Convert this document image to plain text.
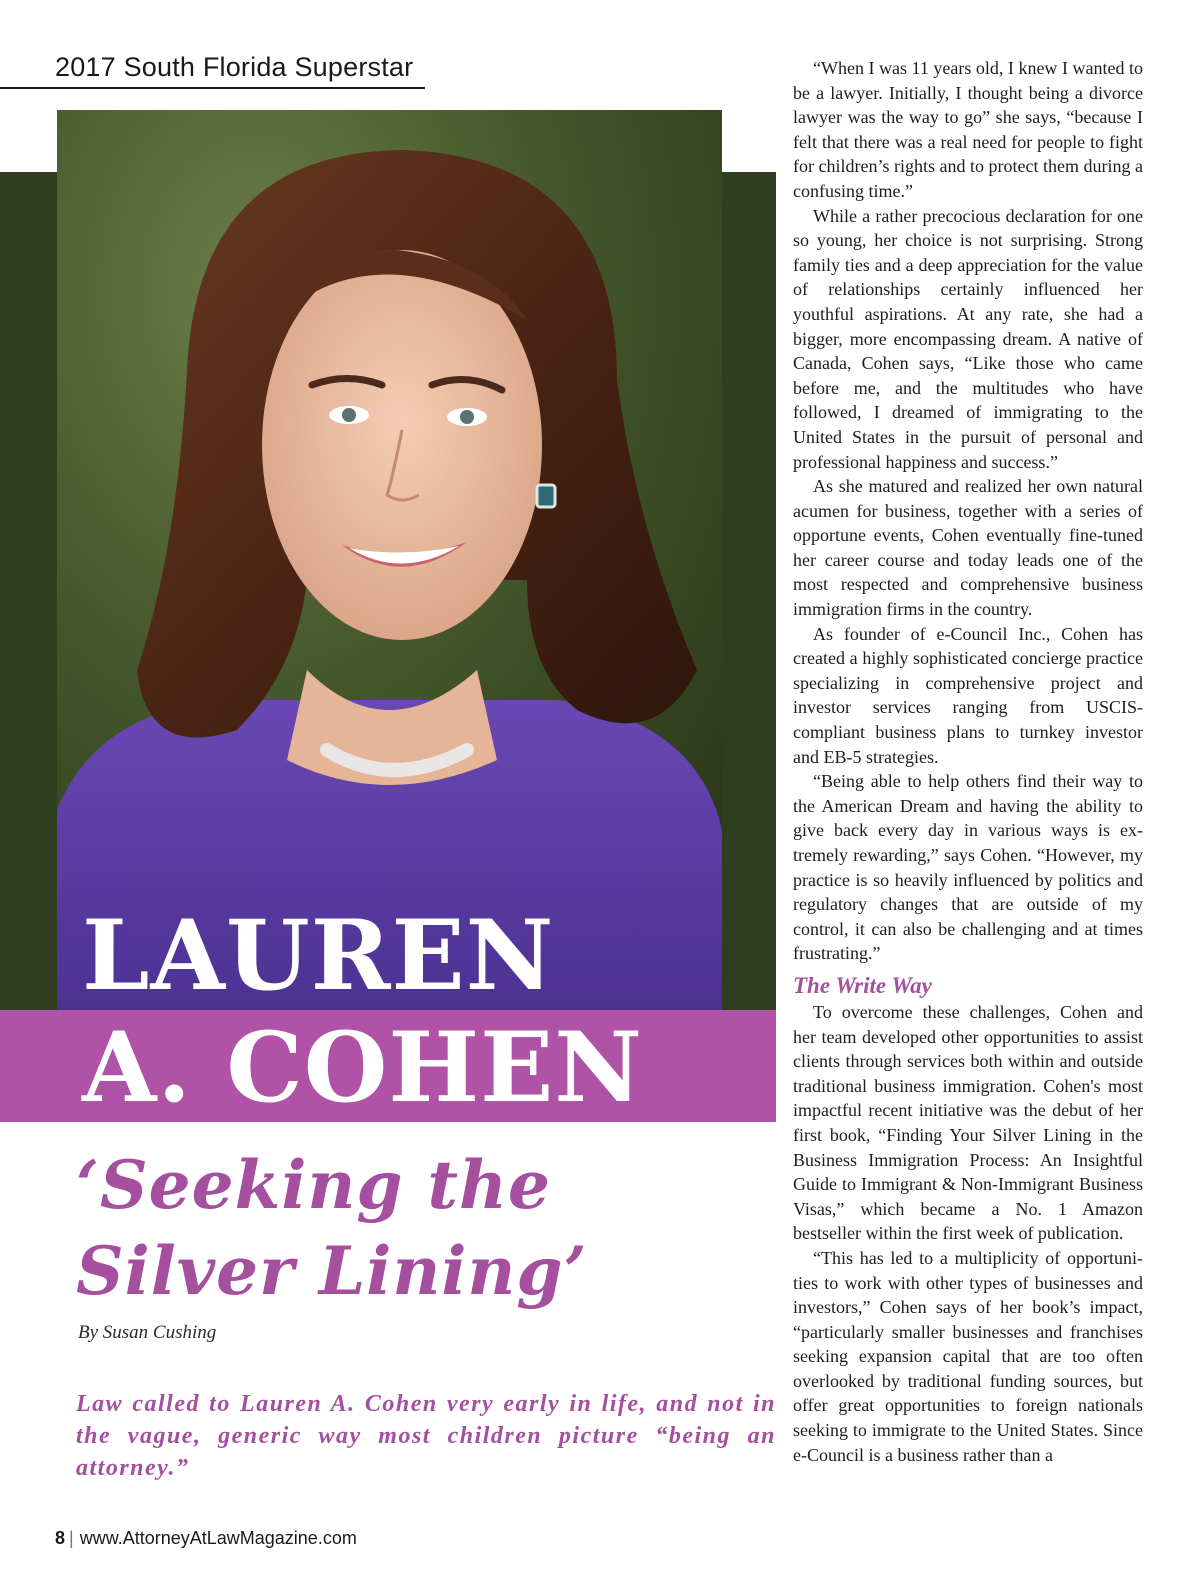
2017 South Florida Superstar
LAUREN
A. COHEN
‘Seeking the Silver Lining’
By Susan Cushing

Law called to Lauren A. Cohen very early in life, and not in the vague, generic way most children picture “being an attorney.”

“When I was 11 years old, I knew I wanted to be a lawyer. Initially, I thought being a divorce lawyer was the way to go” she says, “because I felt that there was a real need for people to fight for children’s rights and to protect them during a confusing time.”

While a rather precocious declaration for one so young, her choice is not surprising. Strong family ties and a deep appreciation for the value of relationships certainly influenced her youthful aspirations. At any rate, she had a bigger, more encompassing dream. A native of Canada, Cohen says, “Like those who came before me, and the multitudes who have followed, I dreamed of immigrating to the United States in the pursuit of personal and professional happiness and success.”

As she matured and realized her own natural acumen for business, together with a series of opportune events, Cohen eventually fine-tuned her career course and today leads one of the most respected and comprehensive business immigration firms in the country.

As founder of e-Council Inc., Cohen has created a highly sophisticated concierge practice specializing in comprehensive project and investor services ranging from USCIS-compliant business plans to turnkey investor and EB-5 strategies.

“Being able to help others find their way to the American Dream and having the ability to give back every day in various ways is extremely rewarding,” says Cohen. “However, my practice is so heavily influenced by politics and regulatory changes that are outside of my control, it can also be challenging and at times frustrating.”

The Write Way

To overcome these challenges, Cohen and her team developed other opportunities to assist clients through services both within and outside traditional business immigration. Cohen's most impactful recent initiative was the debut of her first book, “Finding Your Silver Lining in the Business Immigration Process: An Insightful Guide to Immigrant & Non-Immigrant Business Visas,” which became a No. 1 Amazon bestseller within the first week of publication.

“This has led to a multiplicity of opportunities to work with other types of businesses and investors,” Cohen says of her book’s impact, “particularly smaller businesses and franchises seeking expansion capital that are too often overlooked by traditional funding sources, but offer great opportunities to foreign nationals seeking to immigrate to the United States. Since e-Council is a business rather than a

8 | www.AttorneyAtLawMagazine.com
